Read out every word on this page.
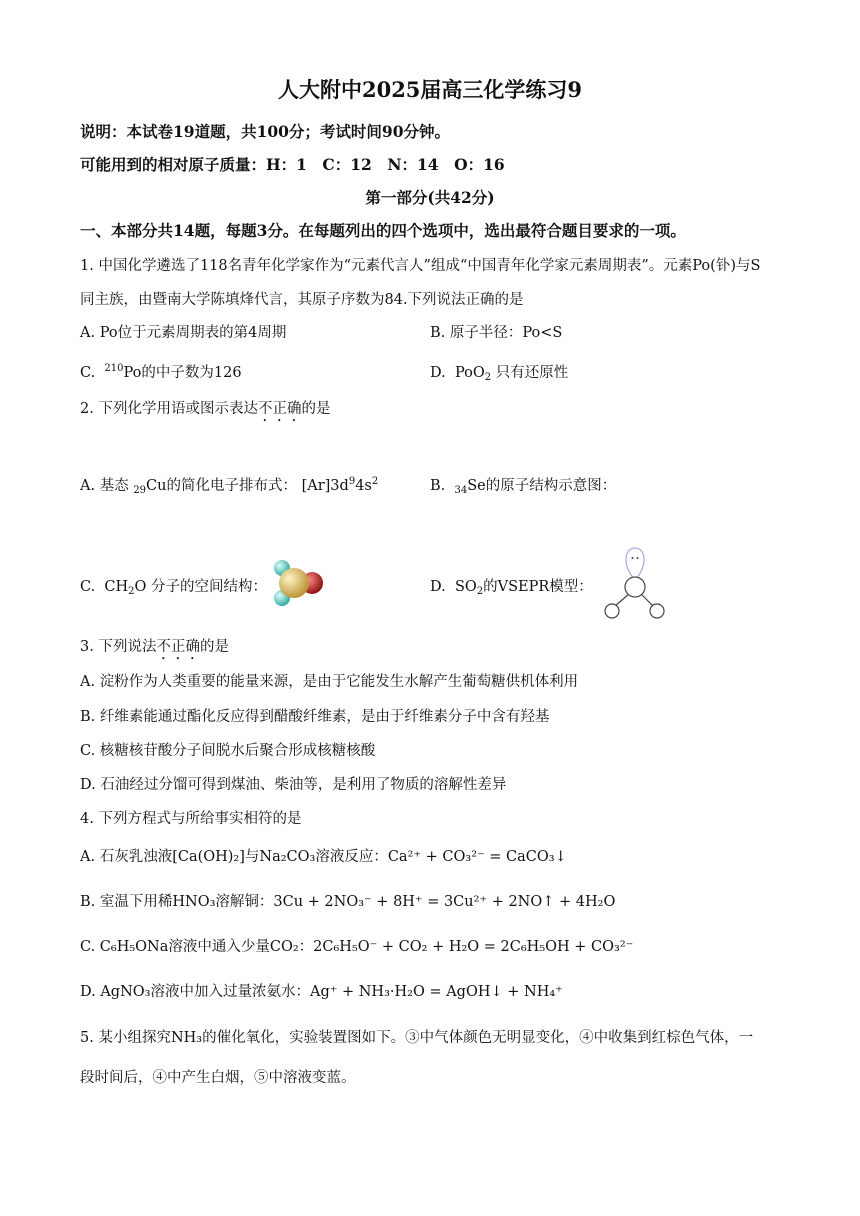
人大附中2025届高三化学练习9
说明：本试卷19道题，共100分；考试时间90分钟。
可能用到的相对原子质量：H：1　C：12　N：14　O：16
第一部分(共42分)
一、本部分共14题，每题3分。在每题列出的四个选项中，选出最符合题目要求的一项。
1. 中国化学遴选了118名青年化学家作为“元素代言人”组成“中国青年化学家元素周期表”。元素Po(钋)与S
同主族，由暨南大学陈填烽代言，其原子序数为84.下列说法正确的是
A. Po位于元素周期表的第4周期	B. 原子半径：Po<S
C. $^{210}$Po的中子数为126	D. PoO$_2$ 只有还原性
2. 下列化学用语或图示表达不正确的是
A. 基态 $_{29}$Cu的简化电子排布式： $[Ar]3d^94s^2$	B. $_{34}$Se的原子结构示意图：
C. $CH_2O$ 分子的空间结构：	D. $SO_2$的VSEPR模型：
3. 下列说法不正确的是
A. 淀粉作为人类重要的能量来源，是由于它能发生水解产生葡萄糖供机体利用
B. 纤维素能通过酯化反应得到醋酸纤维素，是由于纤维素分子中含有羟基
C. 核糖核苷酸分子间脱水后聚合形成核糖核酸
D. 石油经过分馏可得到煤油、柴油等，是利用了物质的溶解性差异
4. 下列方程式与所给事实相符的是
A. 石灰乳浊液[Ca(OH)₂]与Na₂CO₃溶液反应：Ca²⁺ + CO₃²⁻ = CaCO₃↓
B. 室温下用稀HNO₃溶解铜：3Cu + 2NO₃⁻ + 8H⁺ = 3Cu²⁺ + 2NO↑ + 4H₂O
C. C₆H₅ONa溶液中通入少量CO₂：2C₆H₅O⁻ + CO₂ + H₂O = 2C₆H₅OH + CO₃²⁻
D. AgNO₃溶液中加入过量浓氨水：Ag⁺ + NH₃·H₂O = AgOH↓ + NH₄⁺
5. 某小组探究NH₃的催化氧化，实验装置图如下。③中气体颜色无明显变化，④中收集到红棕色气体，一
段时间后，④中产生白烟，⑤中溶液变蓝。
